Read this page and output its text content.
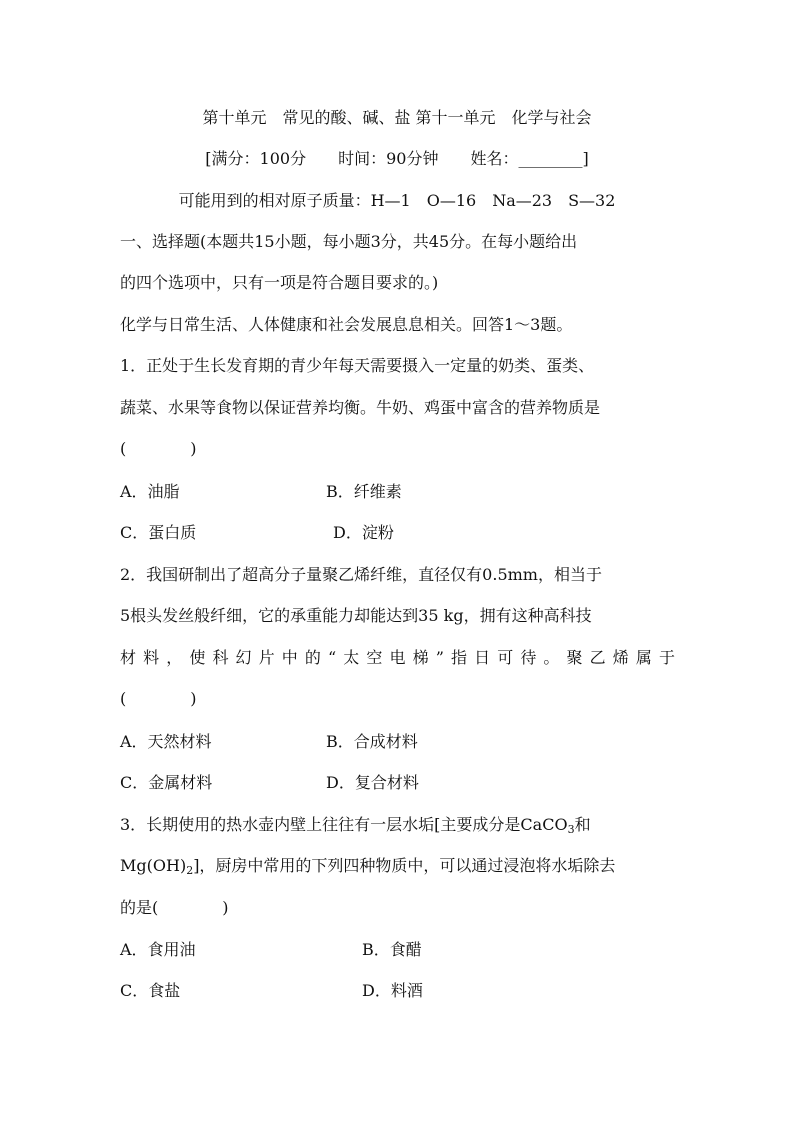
第十单元　常见的酸、碱、盐 第十一单元　化学与社会
[满分：100分　　时间：90分钟　　姓名：________]
可能用到的相对原子质量：H—1　O—16　Na—23　S—32
一、选择题(本题共15小题，每小题3分，共45分。在每小题给出
的四个选项中，只有一项是符合题目要求的。)
化学与日常生活、人体健康和社会发展息息相关。回答1～3题。
1．正处于生长发育期的青少年每天需要摄入一定量的奶类、蛋类、
蔬菜、水果等食物以保证营养均衡。牛奶、鸡蛋中富含的营养物质是
(　　　　)
A．油脂	B．纤维素
C．蛋白质	D．淀粉
2．我国研制出了超高分子量聚乙烯纤维，直径仅有0.5mm，相当于
5根头发丝般纤细，它的承重能力却能达到35 kg，拥有这种高科技
材 料 ， 使 科 幻 片 中 的 “ 太 空 电 梯 ” 指 日 可 待 。 聚 乙 烯 属 于
(　　　　)
A．天然材料	B．合成材料
C．金属材料	D．复合材料
3．长期使用的热水壶内壁上往往有一层水垢[主要成分是CaCO$_3$和
$Mg(OH)_2$]，厨房中常用的下列四种物质中，可以通过浸泡将水垢除去
的是(　　　　)
A．食用油	B．食醋
C．食盐	D．料酒
